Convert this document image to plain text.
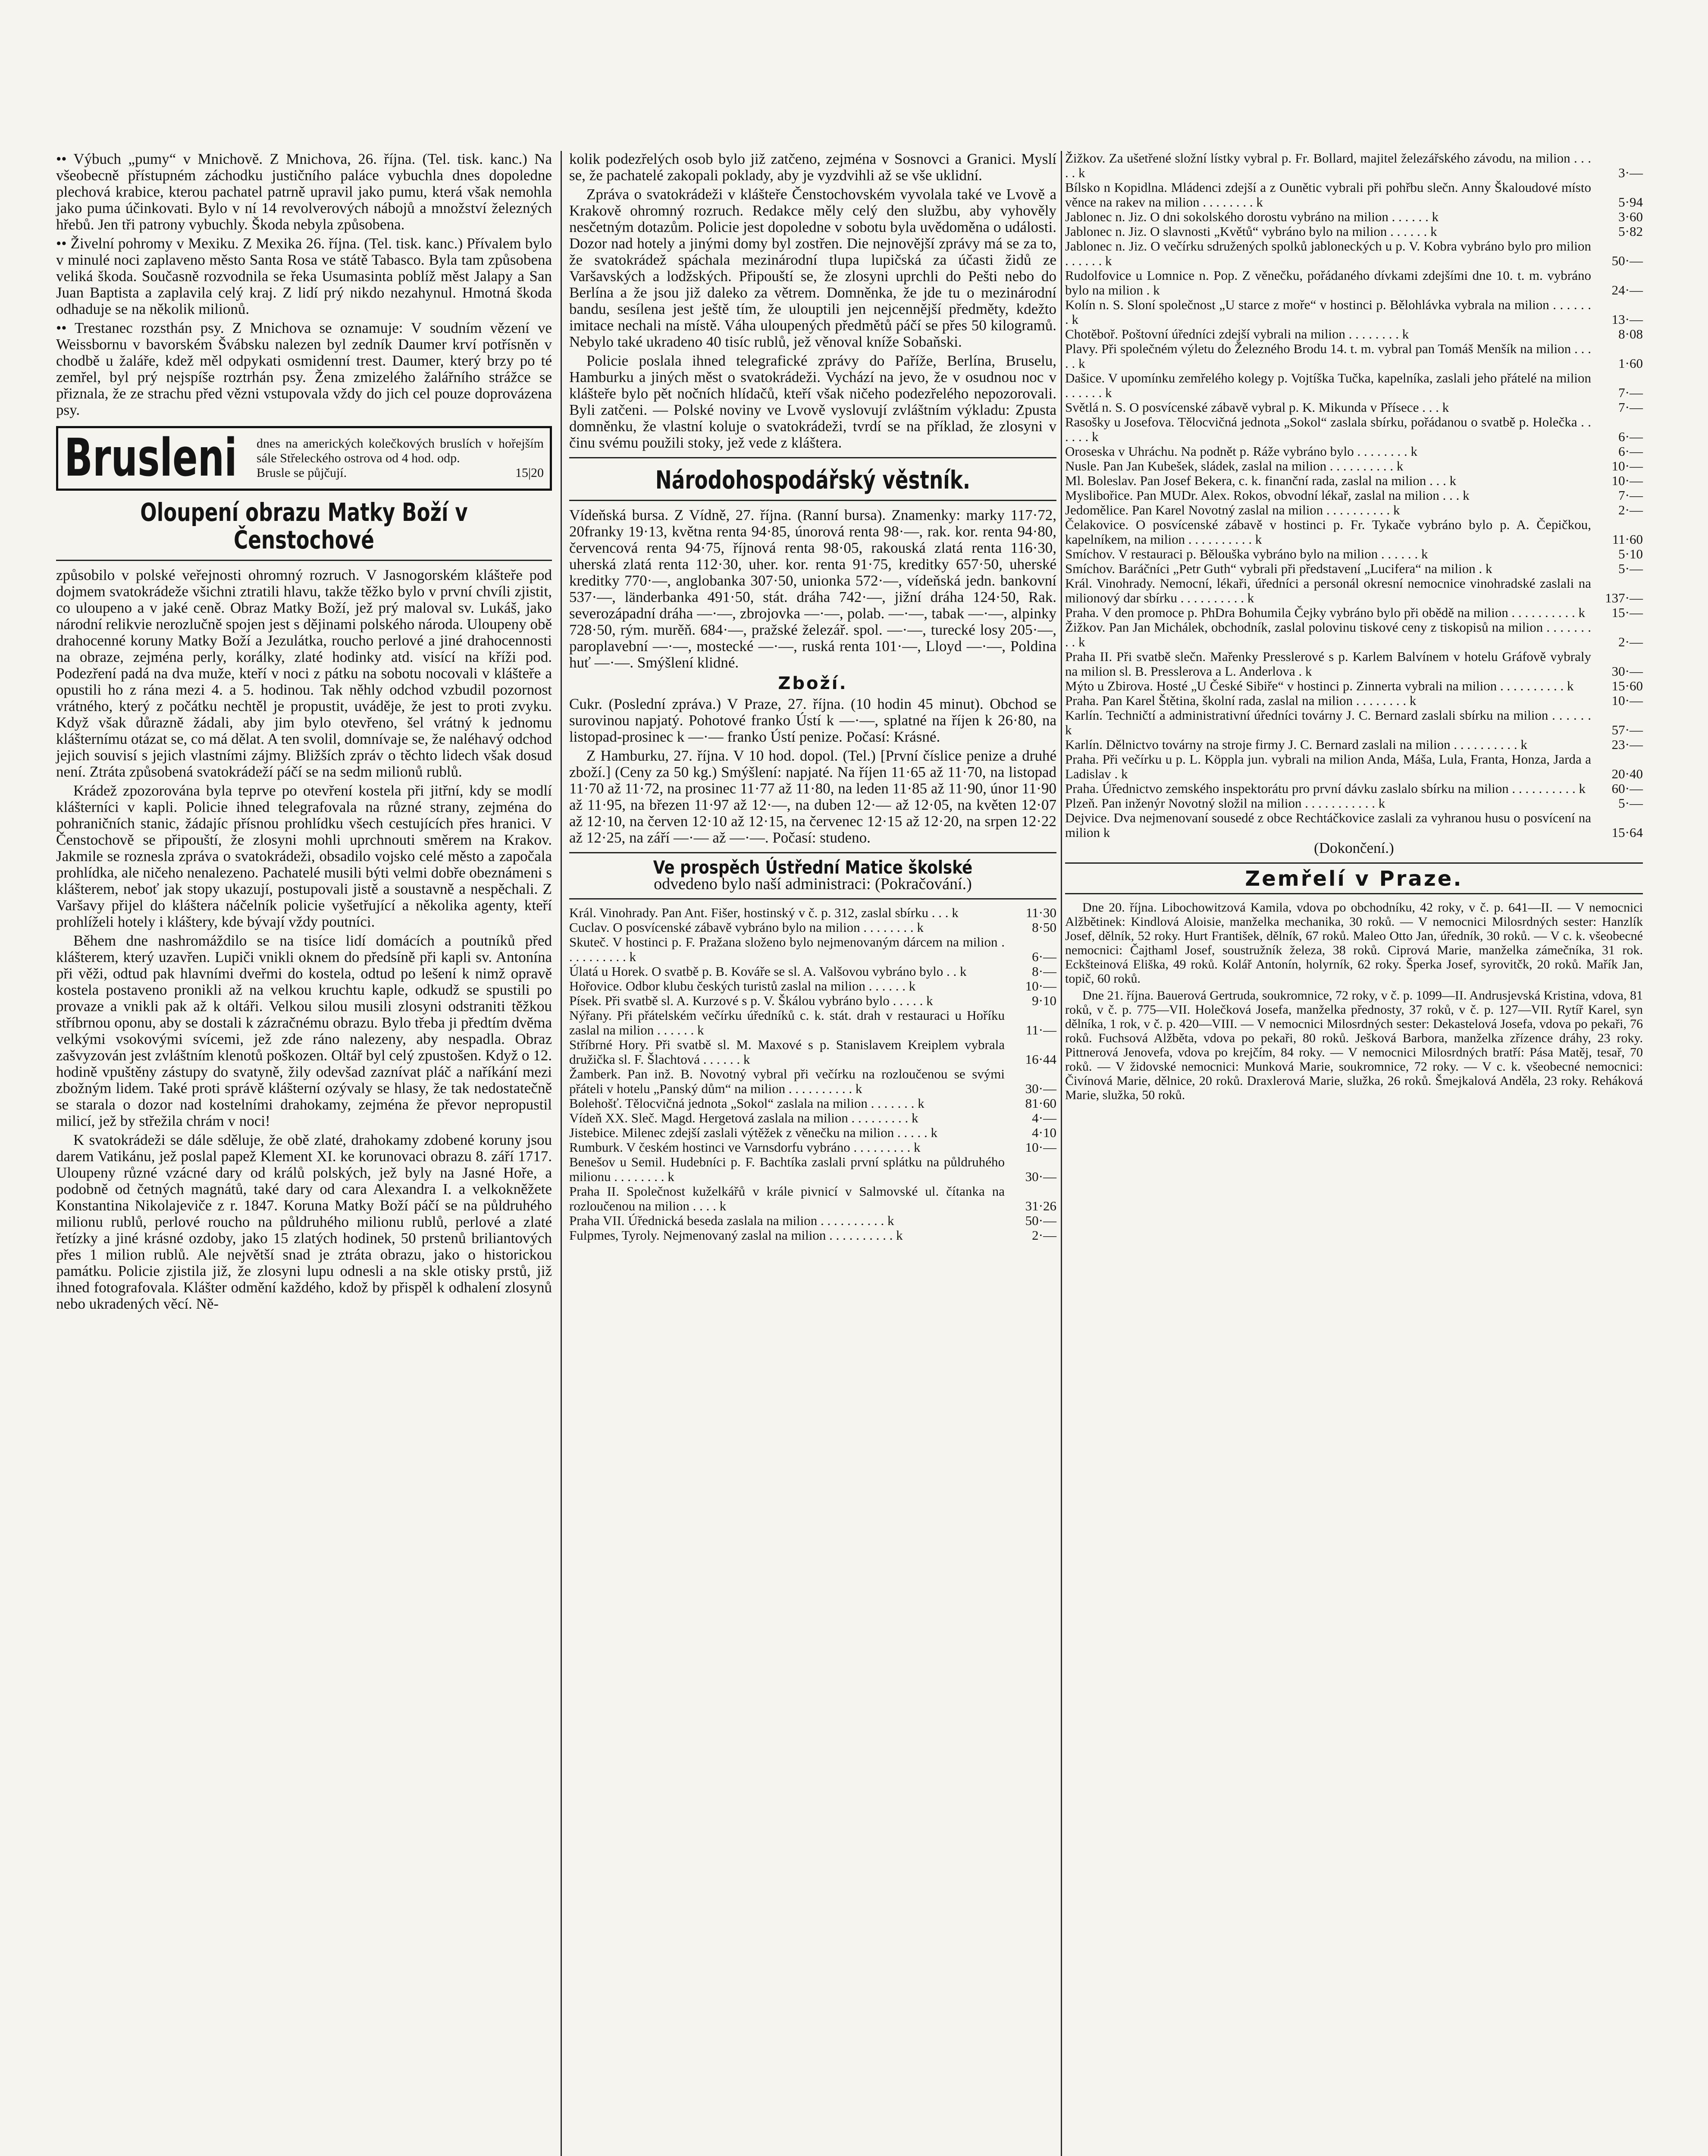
•• Výbuch „pumy“ v Mnichově. Z Mnichova, 26. října. (Tel. tisk. kanc.) Na všeobecně přístupném záchodku justičního paláce vybuchla dnes dopoledne plechová krabice, kterou pachatel patrně upravil jako pumu, která však nemohla jako puma účinkovati. Bylo v ní 14 revolverových nábojů a množství železných hřebů. Jen tři patrony vybuchly. Škoda nebyla způsobena.

•• Živelní pohromy v Mexiku. Z Mexika 26. října. (Tel. tisk. kanc.) Přívalem bylo v minulé noci zaplaveno město Santa Rosa ve státě Tabasco. Byla tam způsobena veliká škoda. Současně rozvodnila se řeka Usumasinta poblíž měst Jalapy a San Juan Baptista a zaplavila celý kraj. Z lidí prý nikdo nezahynul. Hmotná škoda odhaduje se na několik milionů.

•• Trestanec rozsthán psy. Z Mnichova se oznamuje: V soudním vězení ve Weissbornu v bavorském Švábsku nalezen byl zedník Daumer krví potřísněn v chodbě u žaláře, kdež měl odpykati osmidenní trest. Daumer, který brzy po té zemřel, byl prý nejspíše roztrhán psy. Žena zmizelého žalářního strážce se přiznala, že ze strachu před vězni vstupovala vždy do jich cel pouze doprovázena psy.

Brusleni dnes na amerických kolečkových bruslích v hořejším sále Střeleckého ostrova od 4 hod. odp.
Brusle se půjčují.	15|20
Oloupení obrazu Matky Boží v Čenstochové

způsobilo v polské veřejnosti ohromný rozruch. V Jasnogorském klášteře pod dojmem svatokrádeže všichni ztratili hlavu, takže těžko bylo v první chvíli zjistit, co uloupeno a v jaké ceně. Obraz Matky Boží, jež prý maloval sv. Lukáš, jako národní relikvie nerozlučně spojen jest s dějinami polského národa. Uloupeny obě drahocenné koruny Matky Boží a Jezulátka, roucho perlové a jiné drahocennosti na obraze, zejména perly, korálky, zlaté hodinky atd. visící na kříži pod. Podezření padá na dva muže, kteří v noci z pátku na sobotu nocovali v klášteře a opustili ho z rána mezi 4. a 5. hodinou. Tak něhly odchod vzbudil pozornost vrátného, který z počátku nechtěl je propustit, uváděje, že jest to proti zvyku. Když však důrazně žádali, aby jim bylo otevřeno, šel vrátný k jednomu klášternímu otázat se, co má dělat. A ten svolil, domnívaje se, že naléhavý odchod jejich souvisí s jejich vlastními zájmy. Bližších zpráv o těchto lidech však dosud není. Ztráta způsobená svatokrádeží páčí se na sedm milionů rublů.

Krádež zpozorována byla teprve po otevření kostela při jitřní, kdy se modlí klášterníci v kapli. Policie ihned telegrafovala na různé strany, zejména do pohraničních stanic, žádajíc přísnou prohlídku všech cestujících přes hranici. V Čenstochově se připouští, že zlosyni mohli uprchnouti směrem na Krakov. Jakmile se roznesla zpráva o svatokrádeži, obsadilo vojsko celé město a započala prohlídka, ale ničeho nenalezeno. Pachatelé musili býti velmi dobře obeznámeni s klášterem, neboť jak stopy ukazují, postupovali jistě a soustavně a nespěchali. Z Varšavy přijel do kláštera náčelník policie vyšetřující a několika agenty, kteří prohlíželi hotely i kláštery, kde bývají vždy poutníci.

Během dne nashromáždilo se na tisíce lidí domácích a poutníků před klášterem, který uzavřen. Lupiči vnikli oknem do předsíně při kapli sv. Antonína při věži, odtud pak hlavními dveřmi do kostela, odtud po lešení k nimž opravě kostela postaveno pronikli až na velkou kruchtu kaple, odkudž se spustili po provaze a vnikli pak až k oltáři. Velkou silou musili zlosyni odstraniti těžkou stříbrnou oponu, aby se dostali k zázračnému obrazu. Bylo třeba ji předtím dvěma velkými vsokovými svícemi, jež zde ráno nalezeny, aby nespadla. Obraz zašvyzován jest zvláštním klenotů poškozen. Oltář byl celý zpustošen. Když o 12. hodině vpuštěny zástupy do svatyně, žily odevšad zaznívat pláč a naříkání mezi zbožným lidem. Také proti správě klášterní ozývaly se hlasy, že tak nedostatečně se starala o dozor nad kostelními drahokamy, zejména že převor nepropustil milicí, jež by střežila chrám v noci!

K svatokrádeži se dále sděluje, že obě zlaté, drahokamy zdobené koruny jsou darem Vatikánu, jež poslal papež Klement XI. ke korunovaci obrazu 8. září 1717. Uloupeny různé vzácné dary od králů polských, jež byly na Jasné Hoře, a podobně od četných magnátů, také dary od cara Alexandra I. a velkokněžete Konstantina Nikolajeviče z r. 1847. Koruna Matky Boží páčí se na půldruhého milionu rublů, perlové roucho na půldruhého milionu rublů, perlové a zlaté řetízky a jiné krásné ozdoby, jako 15 zlatých hodinek, 50 prstenů briliantových přes 1 milion rublů. Ale největší snad je ztráta obrazu, jako o historickou památku. Policie zjistila již, že zlosyni lupu odnesli a na skle otisky prstů, již ihned fotografovala. Klášter odmění každého, kdož by přispěl k odhalení zlosynů nebo ukradených věcí. Ně-

kolik podezřelých osob bylo již zatčeno, zejména v Sosnovci a Granici. Myslí se, že pachatelé zakopali poklady, aby je vyzdvihli až se vše uklidní.

Zpráva o svatokrádeži v klášteře Čenstochovském vyvolala také ve Lvově a Krakově ohromný rozruch. Redakce měly celý den službu, aby vyhověly nesčetným dotazům. Policie jest dopoledne v sobotu byla uvědoměna o události. Dozor nad hotely a jinými domy byl zostřen. Die nejnovější zprávy má se za to, že svatokrádež spáchala mezinárodní tlupa lupičská za účasti židů ze Varšavských a lodžských. Připouští se, že zlosyni uprchli do Pešti nebo do Berlína a že jsou již daleko za větrem. Domněnka, že jde tu o mezinárodní bandu, sesílena jest ještě tím, že ulouptili jen nejcennější předměty, kdežto imitace nechali na místě. Váha uloupených předmětů páčí se přes 50 kilogramů. Nebylo také ukradeno 40 tisíc rublů, jež věnoval kníže Sobaňski.

Policie poslala ihned telegrafické zprávy do Paříže, Berlína, Bruselu, Hamburku a jiných měst o svatokrádeži. Vychází na jevo, že v osudnou noc v klášteře bylo pět nočních hlídačů, kteří však ničeho podezřelého nepozorovali. Byli zatčeni. — Polské noviny ve Lvově vyslovují zvláštním výkladu: Zpusta domněnku, že vlastní koluje o svatokrádeži, tvrdí se na příklad, že zlosyni v činu svému použili stoky, jež vede z kláštera.

Národohospodářský věstník.

Vídeňská bursa. Z Vídně, 27. října. (Ranní bursa). Znamenky: marky 117·72, 20franky 19·13, května renta 94·85, únorová renta 98·—, rak. kor. renta 94·80, červencová renta 94·75, říjnová renta 98·05, rakouská zlatá renta 116·30, uherská zlatá renta 112·30, uher. kor. renta 91·75, kreditky 657·50, uherské kreditky 770·—, anglobanka 307·50, unionka 572·—, vídeňská jedn. bankovní 537·—, länderbanka 491·50, stát. dráha 742·—, jižní dráha 124·50, Rak. severozápadní dráha —·—, zbrojovka —·—, polab. —·—, tabak —·—, alpinky 728·50, rým. murěň. 684·—, pražské železář. spol. —·—, turecké losy 205·—, paroplavební —·—, mostecké —·—, ruská renta 101·—, Lloyd —·—, Poldina huť —·—. Smýšlení klidné.

Zboží.

Cukr. (Poslední zpráva.) V Praze, 27. října. (10 hodin 45 minut). Obchod se surovinou napjatý. Pohotové franko Ústí k —·—, splatné na říjen k 26·80, na listopad-prosinec k —·— franko Ústí penize. Počasí: Krásné.

Z Hamburku, 27. října. V 10 hod. dopol. (Tel.) [První číslice penize a druhé zboží.] (Ceny za 50 kg.) Smýšlení: napjaté. Na říjen 11·65 až 11·70, na listopad 11·70 až 11·72, na prosinec 11·77 až 11·80, na leden 11·85 až 11·90, únor 11·90 až 11·95, na březen 11·97 až 12·—, na duben 12·— až 12·05, na květen 12·07 až 12·10, na červen 12·10 až 12·15, na červenec 12·15 až 12·20, na srpen 12·22 až 12·25, na září —·— až —·—. Počasí: studeno.

Ve prospěch Ústřední Matice školské
odvedeno bylo naší administraci: (Pokračování.)
Král. Vinohrady. Pan Ant. Fišer, hostinský v č. p. 312, zaslal sbírku . . . k	11·30
Cuclav. O posvícenské zábavě vybráno bylo na milion . . . . . . . . k	8·50
Skuteč. V hostinci p. F. Pražana složeno bylo nejmenovaným dárcem na milion . . . . . . . . . . k	6·—
Úlatá u Horek. O svatbě p. B. Kováře se sl. A. Valšovou vybráno bylo . . k	8·—
Hořovice. Odbor klubu českých turistů zaslal na milion . . . . . . k	10·—
Písek. Při svatbě sl. A. Kurzové s p. V. Škálou vybráno bylo . . . . . k	9·10
Nýřany. Při přátelském večírku úředníků c. k. stát. drah v restauraci u Hoříku zaslal na milion . . . . . . k	11·—
Stříbrné Hory. Při svatbě sl. M. Maxové s p. Stanislavem Kreiplem vybrala družička sl. F. Šlachtová . . . . . . k	16·44
Žamberk. Pan inž. B. Novotný vybral při večírku na rozloučenou se svými přáteli v hotelu „Panský dům“ na milion . . . . . . . . . . k	30·—
Bolehošť. Tělocvičná jednota „Sokol“ zaslala na milion . . . . . . . k	81·60
Vídeň XX. Sleč. Magd. Hergetová zaslala na milion . . . . . . . . . k	4·—
Jistebice. Milenec zdejší zaslali výtěžek z věnečku na milion . . . . . k	4·10
Rumburk. V českém hostinci ve Varnsdorfu vybráno . . . . . . . . . k	10·—
Benešov u Semil. Hudebníci p. F. Bachtíka zaslali první splátku na půldruhého milionu . . . . . . . . k	30·—
Praha II. Společnost kuželkářů v krále pivnicí v Salmovské ul. čítanka na rozloučenou na milion . . . . k	31·26
Praha VII. Úřednická beseda zaslala na milion . . . . . . . . . . k	50·—
Fulpmes, Tyroly. Nejmenovaný zaslal na milion . . . . . . . . . . k	2·—
Žižkov. Za ušetřené složní lístky vybral p. Fr. Bollard, majitel železářského závodu, na milion . . . . . k	3·—
Bílsko n Kopidlna. Mládenci zdejší a z Ounětic vybrali při pohřbu slečn. Anny Škaloudové místo věnce na rakev na milion . . . . . . . . k	5·94
Jablonec n. Jiz. O dni sokolského dorostu vybráno na milion . . . . . . k	3·60
Jablonec n. Jiz. O slavnosti „Květů“ vybráno bylo na milion . . . . . . k	5·82
Jablonec n. Jiz. O večírku sdružených spolků jabloneckých u p. V. Kobra vybráno bylo pro milion . . . . . . k	50·—
Rudolfovice u Lomnice n. Pop. Z věnečku, pořádaného dívkami zdejšími dne 10. t. m. vybráno bylo na milion . k	24·—
Kolín n. S. Sloní společnost „U starce z moře“ v hostinci p. Bělohlávka vybrala na milion . . . . . . . k	13·—
Chotěboř. Poštovní úředníci zdejší vybrali na milion . . . . . . . . k	8·08
Plavy. Při společném výletu do Železného Brodu 14. t. m. vybral pan Tomáš Menšík na milion . . . . . k	1·60
Dašice. V upomínku zemřelého kolegy p. Vojtíška Tučka, kapelníka, zaslali jeho přátelé na milion . . . . . . k	7·—
Světlá n. S. O posvícenské zábavě vybral p. K. Mikunda v Přísece . . . k	7·—
Rasošky u Josefova. Tělocvičná jednota „Sokol“ zaslala sbírku, pořádanou o svatbě p. Holečka . . . . . . k	6·—
Oroseska v Uhráchu. Na podnět p. Ráže vybráno bylo . . . . . . . . k	6·—
Nusle. Pan Jan Kubešek, sládek, zaslal na milion . . . . . . . . . . k	10·—
Ml. Boleslav. Pan Josef Bekera, c. k. finanční rada, zaslal na milion . . . k	10·—
Myslibořice. Pan MUDr. Alex. Rokos, obvodní lékař, zaslal na milion . . . k	7·—
Jedomělice. Pan Karel Novotný zaslal na milion . . . . . . . . . . k	2·—
Čelakovice. O posvícenské zábavě v hostinci p. Fr. Tykače vybráno bylo p. A. Čepičkou, kapelníkem, na milion . . . . . . . . . . k	11·60
Smíchov. V restauraci p. Bělouška vybráno bylo na milion . . . . . . k	5·10
Smíchov. Baráčníci „Petr Guth“ vybrali při představení „Lucifera“ na milion . k	5·—
Král. Vinohrady. Nemocní, lékaři, úředníci a personál okresní nemocnice vinohradské zaslali na milionový dar sbírku . . . . . . . . . . k	137·—
Praha. V den promoce p. PhDra Bohumila Čejky vybráno bylo při obědě na milion . . . . . . . . . . k	15·—
Žižkov. Pan Jan Michálek, obchodník, zaslal polovinu tiskové ceny z tiskopisů na milion . . . . . . . . . k	2·—
Praha II. Při svatbě slečn. Mařenky Presslerové s p. Karlem Balvínem v hotelu Gráfově vybraly na milion sl. B. Presslerova a L. Anderlova . k	30·—
Mýto u Zbirova. Hosté „U České Sibiře“ v hostinci p. Zinnerta vybrali na milion . . . . . . . . . . k	15·60
Praha. Pan Karel Štětina, školní rada, zaslal na milion . . . . . . . . k	10·—
Karlín. Techničtí a administrativní úředníci továrny J. C. Bernard zaslali sbírku na milion . . . . . . k	57·—
Karlín. Dělnictvo továrny na stroje firmy J. C. Bernard zaslali na milion . . . . . . . . . . k	23·—
Praha. Při večírku u p. L. Köppla jun. vybrali na milion Anda, Máša, Lula, Franta, Honza, Jarda a Ladislav . k	20·40
Praha. Úřednictvo zemského inspektorátu pro první dávku zaslalo sbírku na milion . . . . . . . . . . k	60·—
Plzeň. Pan inženýr Novotný složil na milion . . . . . . . . . . . k	5·—
Dejvice. Dva nejmenovaní sousedé z obce Rechtáčkovice zaslali za vyhranou husu o posvícení na milion k	15·64
(Dokončení.)
Zemřelí v Praze.

Dne 20. října. Libochowitzová Kamila, vdova po obchodníku, 42 roky, v č. p. 641—II. — V nemocnici Alžbětinek: Kindlová Aloisie, manželka mechanika, 30 roků. — V nemocnici Milosrdných sester: Hanzlík Josef, dělník, 52 roky. Hurt František, dělník, 67 roků. Maleo Otto Jan, úředník, 30 roků. — V c. k. všeobecné nemocnici: Čajthaml Josef, soustružník železa, 38 roků. Ciprová Marie, manželka zámečníka, 31 rok. Eckšteinová Eliška, 49 roků. Kolář Antonín, holyrník, 62 roky. Šperka Josef, syrovitčk, 20 roků. Mařík Jan, topič, 60 roků.

Dne 21. října. Bauerová Gertruda, soukromnice, 72 roky, v č. p. 1099—II. Andrusjevská Kristina, vdova, 81 roků, v č. p. 775—VII. Holečková Josefa, manželka přednosty, 37 roků, v č. p. 127—VII. Rytíř Karel, syn dělníka, 1 rok, v č. p. 420—VIII. — V nemocnici Milosrdných sester: Dekastelová Josefa, vdova po pekaři, 76 roků. Fuchsová Alžběta, vdova po pekaři, 80 roků. Ješková Barbora, manželka zřízence dráhy, 23 roky. Pittnerová Jenovefa, vdova po krejčím, 84 roky. — V nemocnici Milosrdných bratří: Pása Matěj, tesař, 70 roků. — V židovské nemocnici: Munková Marie, soukromnice, 72 roky. — V c. k. všeobecné nemocnici: Čivínová Marie, dělnice, 20 roků. Draxlerová Marie, služka, 26 roků. Šmejkalová Anděla, 23 roky. Reháková Marie, služka, 50 roků.
